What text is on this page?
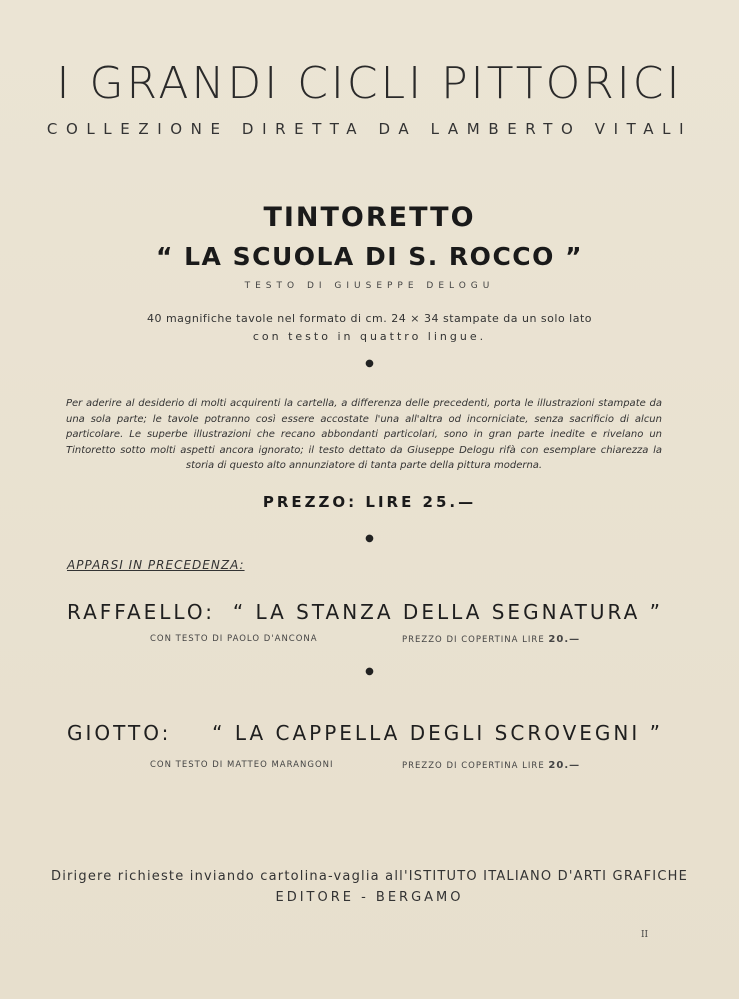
I GRANDI CICLI PITTORICI
COLLEZIONE DIRETTA DA LAMBERTO VITALI
TINTORETTO
“ LA SCUOLA DI S. ROCCO ”
TESTO DI GIUSEPPE DELOGU
40 magnifiche tavole nel formato di cm. 24 × 34 stampate da un solo lato
con testo in quattro lingue.
●
Per aderire al desiderio di molti acquirenti la cartella, a differenza delle precedenti, porta le illustrazioni stampate da una sola parte; le tavole potranno così essere accostate l'una all'altra od incorniciate, senza sacrificio di alcun particolare. Le superbe illustrazioni che recano abbondanti particolari, sono in gran parte inedite e rivelano un Tintoretto sotto molti aspetti ancora ignorato; il testo dettato da Giuseppe Delogu rifà con esemplare chiarezza la storia di questo alto annunziatore di tanta parte della pittura moderna.
PREZZO: LIRE 25.—
●
APPARSI IN PRECEDENZA:
RAFFAELLO: “ LA STANZA DELLA SEGNATURA ”
CON TESTO DI PAOLO D'ANCONA	PREZZO DI COPERTINA LIRE 20.—
●
GIOTTO: “ LA CAPPELLA DEGLI SCROVEGNI ”
CON TESTO DI MATTEO MARANGONI	PREZZO DI COPERTINA LIRE 20.—
Dirigere richieste inviando cartolina-vaglia all'ISTITUTO ITALIANO D'ARTI GRAFICHE
EDITORE - BERGAMO
II
